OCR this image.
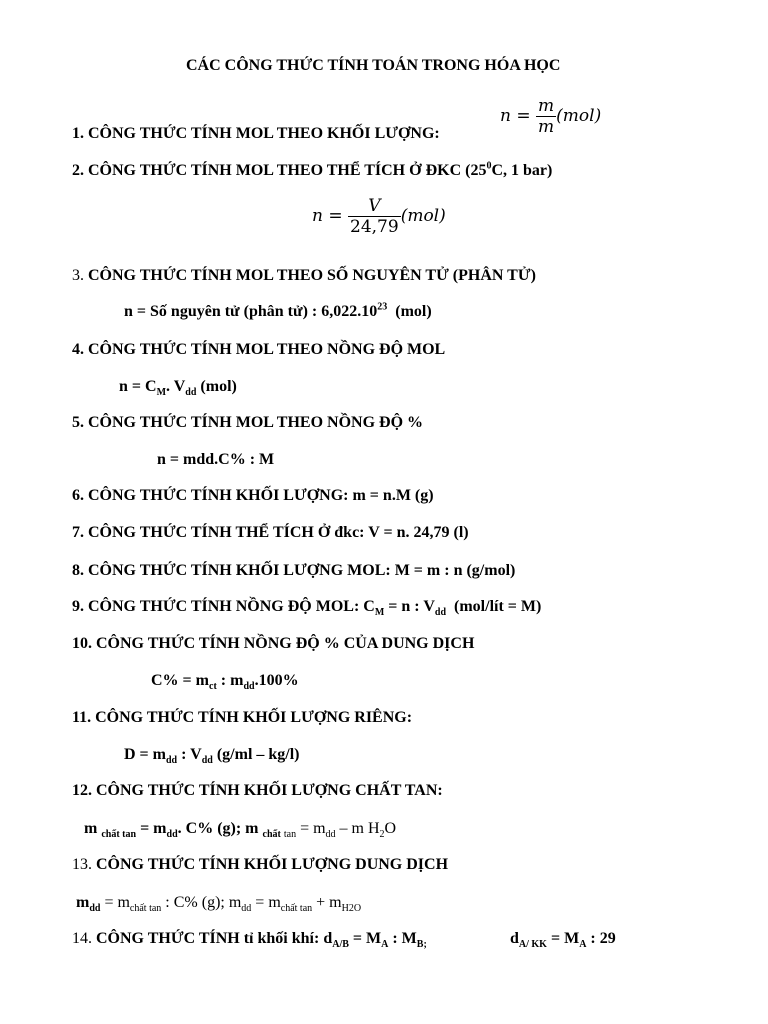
CÁC CÔNG THỨC TÍNH TOÁN TRONG HÓA HỌC
$n = \frac{m}{m} (mol)$
1. CÔNG THỨC TÍNH MOL THEO KHỐI LƯỢNG:
2. CÔNG THỨC TÍNH MOL THEO THỂ TÍCH Ở ĐKC ($25^0C$, 1 bar)
$n = \frac{V}{24,79} (mol)$
3. CÔNG THỨC TÍNH MOL THEO SỐ NGUYÊN TỬ (PHÂN TỬ)
n = Số nguyên tử (phân tử) : 6,022.10$^{23}$ (mol)
4. CÔNG THỨC TÍNH MOL THEO NỒNG ĐỘ MOL
$n = C_M$. $V_{dd}$ (mol)
5. CÔNG THỨC TÍNH MOL THEO NỒNG ĐỘ %
n = mdd.C% : M
6. CÔNG THỨC TÍNH KHỐI LƯỢNG: m = n.M (g)
7. CÔNG THỨC TÍNH THỂ TÍCH Ở đkc: V = n. 24,79 (l)
8. CÔNG THỨC TÍNH KHỐI LƯỢNG MOL: M = m : n (g/mol)
9. CÔNG THỨC TÍNH NỒNG ĐỘ MOL: $C_M = n$ : $V_{dd}$ (mol/lít = M)
10. CÔNG THỨC TÍNH NỒNG ĐỘ % CỦA DUNG DỊCH
$C\% = m_{ct}$ : $m_{dd}.100\%$
11. CÔNG THỨC TÍNH KHỐI LƯỢNG RIÊNG:
$D = m_{dd}$ : $V_{dd}$ (g/ml – kg/l)
12. CÔNG THỨC TÍNH KHỐI LƯỢNG CHẤT TAN:
m $_{chất tan} = m_{dd}$. C% (g); m $_{chất}$ $_{tan} = m_{dd} - m$ $H_2O$
13. CÔNG THỨC TÍNH KHỐI LƯỢNG DUNG DỊCH
$m_{dd} = m_{chất tan}$ : C% (g); $m_{dd} = m_{chất tan} + m_{H2O}$
14. CÔNG THỨC TÍNH tỉ khối khí: $d_{A/B} = M_A$ : $M_{B;}$	$d_{A/ KK} = M_A$ : 29
